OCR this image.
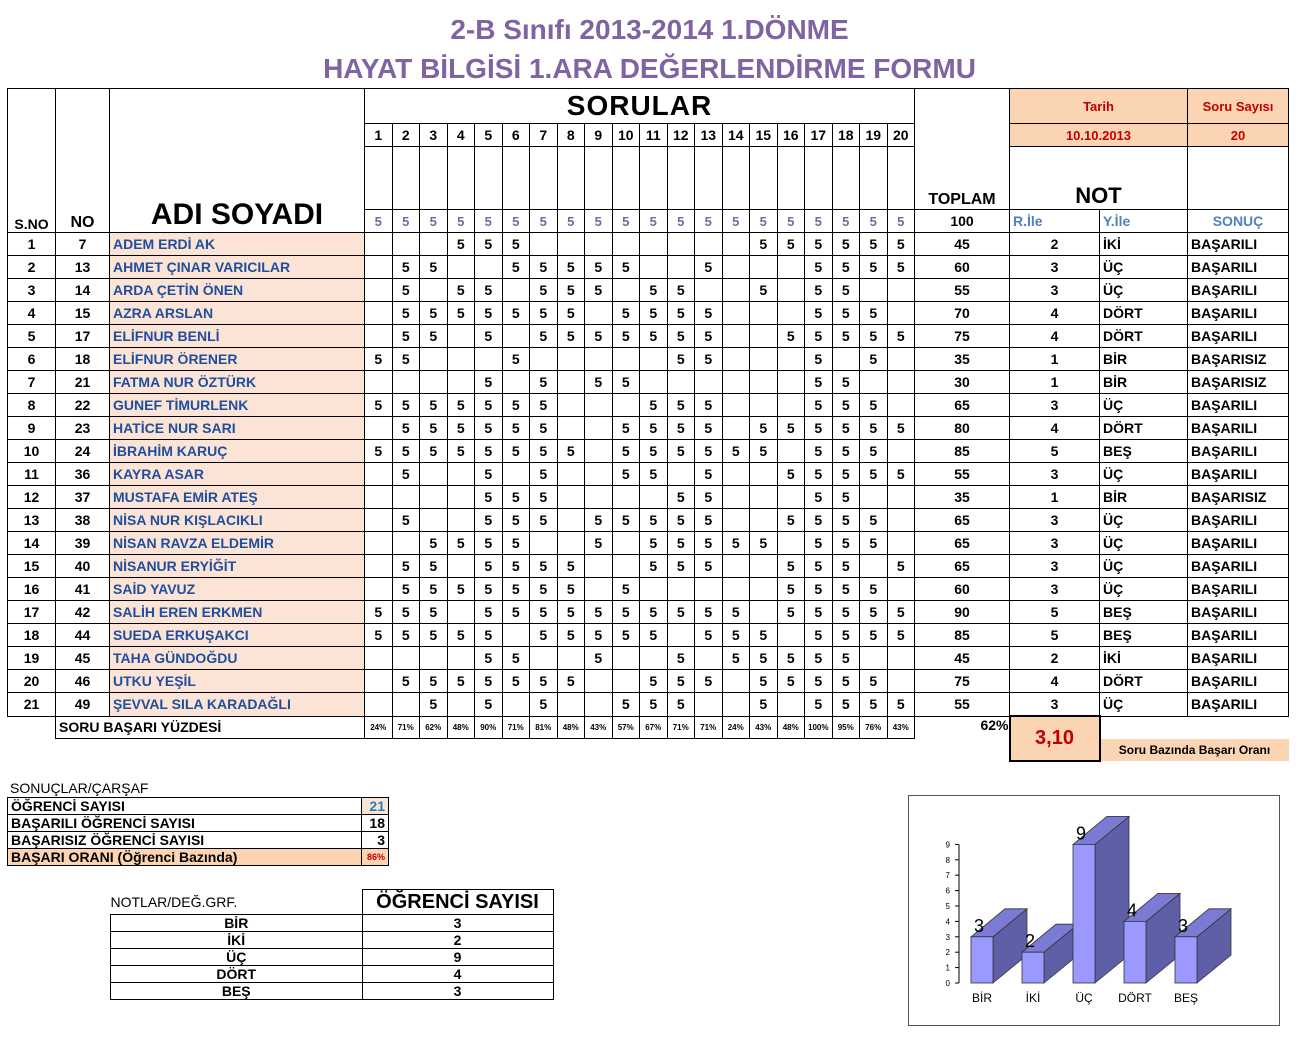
2-B Sınıfı 2013-2014 1.DÖNME
HAYAT BİLGİSİ 1.ARA DEĞERLENDİRME FORMU
S.NO	NO	ADI SOYADI	SORULAR																				TOPLAM	Tarih		Soru Sayısı
			1	2	3	4	5	6	7	8	9	10	11	12	13	14	15	16	17	18	19	20		10.10.2013		20
																								NOT		

			5	5	5	5	5	5	5	5	5	5	5	5	5	5	5	5	5	5	5	5	100	R.İle	Y.İle	SONUÇ
1	7	ADEM ERDİ AK				5	5	5									5	5	5	5	5	5	45	2	İKİ	BAŞARILI
2	13	AHMET ÇINAR VARICILAR		5	5			5	5	5	5	5			5				5	5	5	5	60	3	ÜÇ	BAŞARILI
3	14	ARDA ÇETİN ÖNEN		5		5	5		5	5	5		5	5			5		5	5			55	3	ÜÇ	BAŞARILI
4	15	AZRA ARSLAN		5	5	5	5	5	5	5		5	5	5	5				5	5	5		70	4	DÖRT	BAŞARILI
5	17	ELİFNUR BENLİ		5	5		5		5	5	5	5	5	5	5			5	5	5	5	5	75	4	DÖRT	BAŞARILI
6	18	ELİFNUR ÖRENER	5	5				5						5	5				5		5		35	1	BİR	BAŞARISIZ
7	21	FATMA NUR ÖZTÜRK					5		5		5	5							5	5			30	1	BİR	BAŞARISIZ
8	22	GUNEF TİMURLENK	5	5	5	5	5	5	5				5	5	5				5	5	5		65	3	ÜÇ	BAŞARILI
9	23	HATİCE NUR SARI		5	5	5	5	5	5			5	5	5	5		5	5	5	5	5	5	80	4	DÖRT	BAŞARILI
10	24	İBRAHİM KARUÇ	5	5	5	5	5	5	5	5		5	5	5	5	5	5		5	5	5		85	5	BEŞ	BAŞARILI
11	36	KAYRA ASAR		5			5		5			5	5		5			5	5	5	5	5	55	3	ÜÇ	BAŞARILI
12	37	MUSTAFA EMİR ATEŞ					5	5	5					5	5				5	5			35	1	BİR	BAŞARISIZ
13	38	NİSA NUR KIŞLACIKLI		5			5	5	5		5	5	5	5	5			5	5	5	5		65	3	ÜÇ	BAŞARILI
14	39	NİSAN RAVZA ELDEMİR			5	5	5	5			5		5	5	5	5	5		5	5	5		65	3	ÜÇ	BAŞARILI
15	40	NİSANUR ERYİĞİT		5	5		5	5	5	5			5	5	5			5	5	5		5	65	3	ÜÇ	BAŞARILI
16	41	SAİD YAVUZ		5	5	5	5	5	5	5		5						5	5	5	5		60	3	ÜÇ	BAŞARILI
17	42	SALİH EREN ERKMEN	5	5	5		5	5	5	5	5	5	5	5	5	5		5	5	5	5	5	90	5	BEŞ	BAŞARILI
18	44	SUEDA ERKUŞAKCI	5	5	5	5	5		5	5	5	5	5		5	5	5		5	5	5	5	85	5	BEŞ	BAŞARILI
19	45	TAHA GÜNDOĞDU					5	5			5			5		5	5	5	5	5			45	2	İKİ	BAŞARILI
20	46	UTKU YEŞİL		5	5	5	5	5	5	5			5	5	5		5	5	5	5	5		75	4	DÖRT	BAŞARILI
21	49	ŞEVVAL SILA KARADAĞLI			5		5		5			5	5	5			5		5	5	5	5	55	3	ÜÇ	BAŞARILI
	SORU BAŞARI YÜZDESİ		24%	71%	62%	48%	90%	71%	81%	48%	43%	57%	67%	71%	71%	24%	43%	48%	100%	95%	76%	43%	62%	3,10		
																									Soru Bazında Başarı Oranı	
SONUÇLAR/ÇARŞAF
ÖĞRENCİ SAYISI	21
BAŞARILI ÖĞRENCİ SAYISI	18
BAŞARISIZ ÖĞRENCİ SAYISI	3
BAŞARI ORANI (Öğrenci Bazında)	86%
NOTLAR/DEĞ.GRF.	ÖĞRENCİ SAYISI
BİR	3
İKİ	2
ÜÇ	9
DÖRT	4
BEŞ	3	0
1
2
3
4
5
6
7
8
9
3
BİR
2
İKİ
9
ÜÇ
4
DÖRT
3
BEŞ
